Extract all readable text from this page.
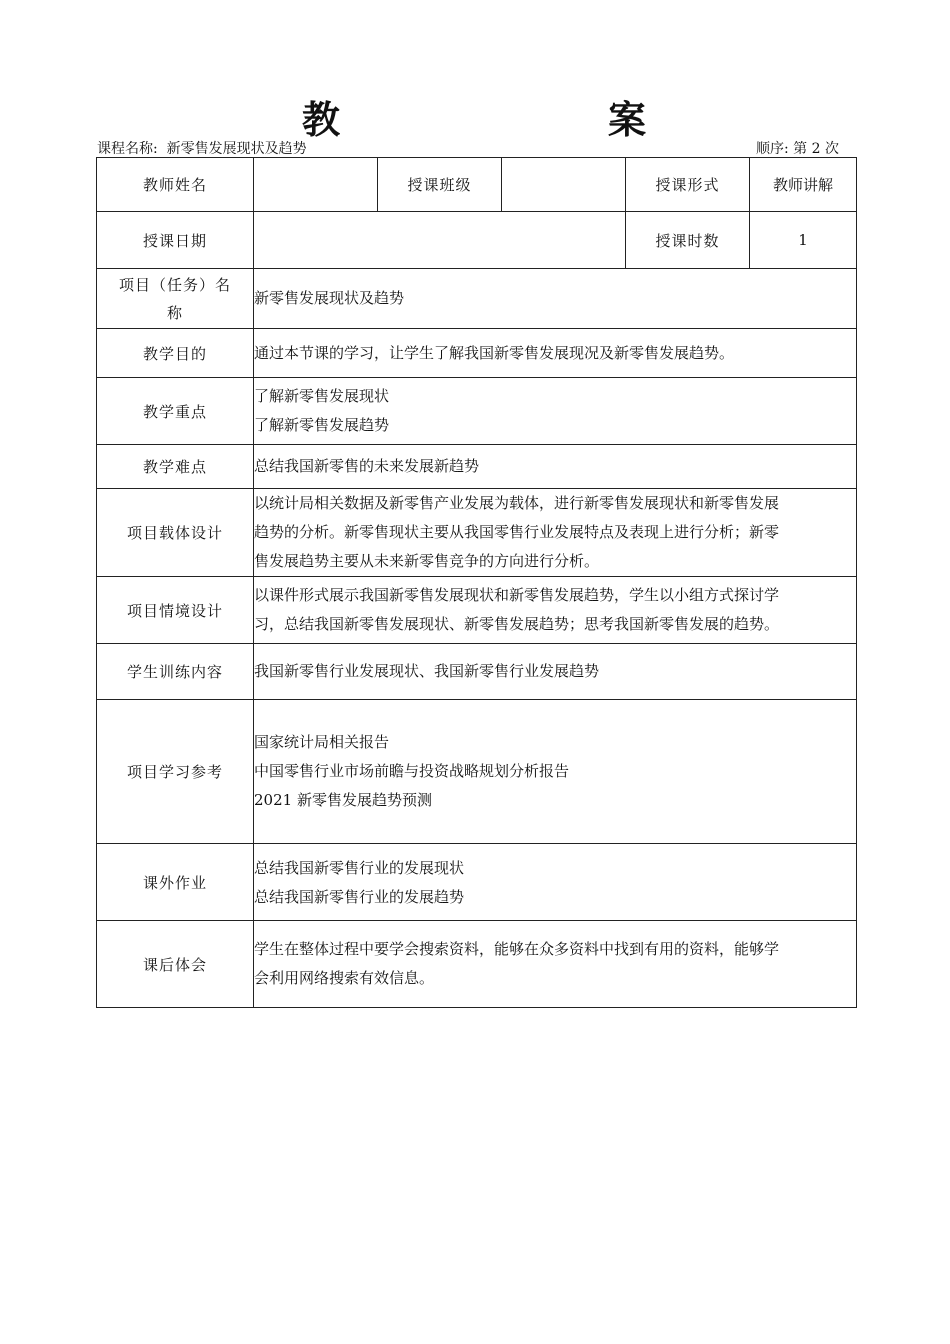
教	案
课程名称: 新零售发展现状及趋势	顺序: 第 2 次
教师姓名		授课班级		授课形式	教师讲解
授课日期				授课时数	1

项目（任务）名
称	新零售发展现状及趋势				
教学目的	通过本节课的学习，让学生了解我国新零售发展现况及新零售发展趋势。				
教学重点	了解新零售发展现状
了解新零售发展趋势				

教学难点	总结我国新零售的未来发展新趋势				
项目载体设计	以统计局相关数据及新零售产业发展为载体，进行新零售发展现状和新零售发展
趋势的分析。新零售现状主要从我国零售行业发展特点及表现上进行分析；新零
售发展趋势主要从未来新零售竞争的方向进行分析。				

项目情境设计	以课件形式展示我国新零售发展现状和新零售发展趋势，学生以小组方式探讨学
习，总结我国新零售发展现状、新零售发展趋势；思考我国新零售发展的趋势。				

学生训练内容	我国新零售行业发展现状、我国新零售行业发展趋势				
项目学习参考	国家统计局相关报告
中国零售行业市场前瞻与投资战略规划分析报告
2021 新零售发展趋势预测				

课外作业	总结我国新零售行业的发展现状
总结我国新零售行业的发展趋势				

课后体会	学生在整体过程中要学会搜索资料，能够在众多资料中找到有用的资料，能够学
会利用网络搜索有效信息。				
